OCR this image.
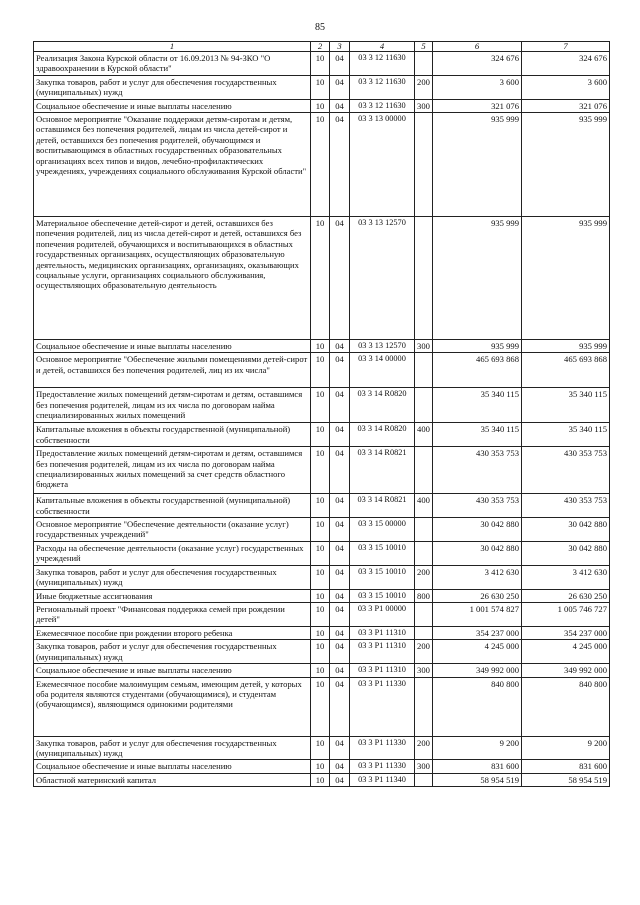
85
1	2	3	4	5	6	7
Реализация Закона Курской области от 16.09.2013 № 94-ЗКО "О здравоохранении в Курской области"	10	04	03 3 12 11630		324 676	324 676
Закупка товаров, работ и услуг для обеспечения государственных (муниципальных) нужд	10	04	03 3 12 11630	200	3 600	3 600
Социальное обеспечение и иные выплаты населению	10	04	03 3 12 11630	300	321 076	321 076
Основное мероприятие "Оказание поддержки детям-сиротам и детям, оставшимся без попечения родителей, лицам из числа детей-сирот и детей, оставшихся без попечения родителей, обучающимся и воспитывающимся в областных государственных образовательных организациях всех типов и видов, лечебно-профилактических учреждениях, учреждениях социального обслуживания Курской области"	10	04	03 3 13 00000		935 999	935 999
Материальное обеспечение детей-сирот и детей, оставшихся без попечения родителей, лиц из числа детей-сирот и детей, оставшихся без попечения родителей, обучающихся и воспитывающихся в областных государственных организациях, осуществляющих образовательную деятельность, медицинских организациях, организациях, оказывающих социальные услуги, организациях социального обслуживания, осуществляющих образовательную деятельность	10	04	03 3 13 12570		935 999	935 999
Социальное обеспечение и иные выплаты населению	10	04	03 3 13 12570	300	935 999	935 999
Основное мероприятие "Обеспечение жилыми помещениями детей-сирот и детей, оставшихся без попечения родителей, лиц из их числа"	10	04	03 3 14 00000		465 693 868	465 693 868
Предоставление жилых помещений детям-сиротам и детям, оставшимся без попечения родителей, лицам из их числа по договорам найма специализированных жилых помещений	10	04	03 3 14 R0820		35 340 115	35 340 115
Капитальные вложения в объекты государственной (муниципальной) собственности	10	04	03 3 14 R0820	400	35 340 115	35 340 115
Предоставление жилых помещений детям-сиротам и детям, оставшимся без попечения родителей, лицам из их числа по договорам найма специализированных жилых помещений за счет средств областного бюджета	10	04	03 3 14 R0821		430 353 753	430 353 753
Капитальные вложения в объекты государственной (муниципальной) собственности	10	04	03 3 14 R0821	400	430 353 753	430 353 753
Основное мероприятие "Обеспечение деятельности (оказание услуг) государственных учреждений"	10	04	03 3 15 00000		30 042 880	30 042 880
Расходы на обеспечение деятельности (оказание услуг) государственных учреждений	10	04	03 3 15 10010		30 042 880	30 042 880
Закупка товаров, работ и услуг для обеспечения государственных (муниципальных) нужд	10	04	03 3 15 10010	200	3 412 630	3 412 630
Иные бюджетные ассигнования	10	04	03 3 15 10010	800	26 630 250	26 630 250
Региональный проект "Финансовая поддержка семей при рождении детей"	10	04	03 3 P1 00000		1 001 574 827	1 005 746 727
Ежемесячное пособие при рождении второго ребенка	10	04	03 3 P1 11310		354 237 000	354 237 000
Закупка товаров, работ и услуг для обеспечения государственных (муниципальных) нужд	10	04	03 3 P1 11310	200	4 245 000	4 245 000
Социальное обеспечение и иные выплаты населению	10	04	03 3 P1 11310	300	349 992 000	349 992 000
Ежемесячное пособие малоимущим семьям, имеющим детей, у которых оба родителя являются студентами (обучающимися), и студентам (обучающимся), являющимся одинокими родителями	10	04	03 3 P1 11330		840 800	840 800
Закупка товаров, работ и услуг для обеспечения государственных (муниципальных) нужд	10	04	03 3 P1 11330	200	9 200	9 200
Социальное обеспечение и иные выплаты населению	10	04	03 3 P1 11330	300	831 600	831 600
Областной материнский капитал	10	04	03 3 P1 11340		58 954 519	58 954 519
